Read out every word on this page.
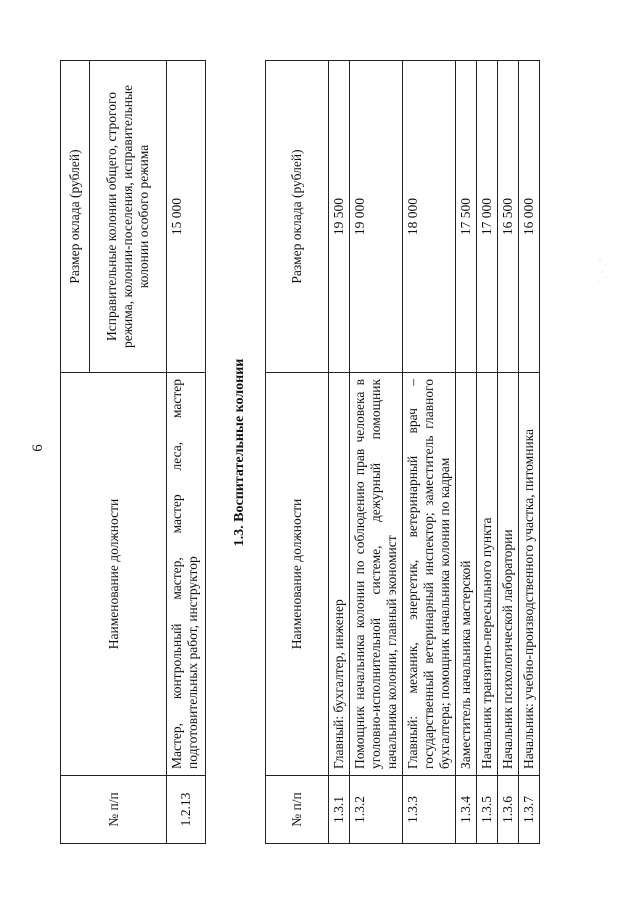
6
№ п/п	Наименование должности	Размер оклада (рублей)
		Исправительные колонии общего, строгого режима, колонии-поселения, исправительные колонии особого режима
1.2.13	Мастер, контрольный мастер, мастер леса, мастер подготовительных работ, инструктор	15 000
1.3. Воспитательные колонии
№ п/п	Наименование должности	Размер оклада (рублей)
1.3.1	Главный: бухгалтер, инженер	19 500
1.3.2	Помощник начальника колонии по соблюдению прав человека в уголовно-исполнительной системе, дежурный помощник начальника колонии, главный экономист	19 000
1.3.3	Главный: механик, энергетик, ветеринарный врач – государственный ветеринарный инспектор; заместитель главного бухгалтера; помощник начальника колонии по кадрам	18 000
1.3.4	Заместитель начальника мастерской	17 500
1.3.5	Начальник транзитно-пересыльного пункта	17 000
1.3.6	Начальник психологической лаборатории	16 500
1.3.7	Начальник: учебно-производственного участка, питомника	16 000
